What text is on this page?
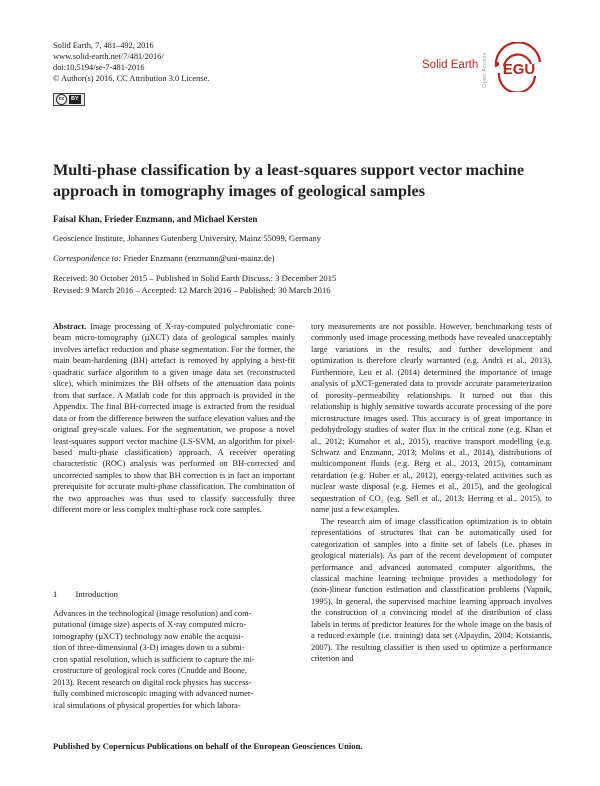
Solid Earth, 7, 481–492, 2016
www.solid-earth.net/7/481/2016/
doi:10.5194/se-7-481-2016
© Author(s) 2016. CC Attribution 3.0 License.
cc	BY
Solid Earth Open Access EGU
Multi-phase classification by a least-squares support vector machine approach in tomography images of geological samples
Faisal Khan, Frieder Enzmann, and Michael Kersten
Geoscience Institute, Johannes Gutenberg University, Mainz 55099, Germany
Correspondence to: Frieder Enzmann (enzmann@uni-mainz.de)
Received: 30 October 2015 – Published in Solid Earth Discuss.: 3 December 2015
Revised: 9 March 2016 – Accepted: 12 March 2016 – Published: 30 March 2016

Abstract. Image processing of X-ray-computed polychromatic cone-beam micro-tomography (µXCT) data of geological samples mainly involves artefact reduction and phase segmentation. For the former, the main beam-hardening (BH) artefact is removed by applying a best-fit quadratic surface algorithm to a given image data set (reconstructed slice), which minimizes the BH offsets of the attenuation data points from that surface. A Matlab code for this approach is provided in the Appendix. The final BH-corrected image is extracted from the residual data or from the difference between the surface elevation values and the original grey-scale values. For the segmentation, we propose a novel least-squares support vector machine (LS-SVM, an algorithm for pixel-based multi-phase classification) approach. A receiver operating characteristic (ROC) analysis was performed on BH-corrected and uncorrected samples to show that BH correction is in fact an important prerequisite for accurate multi-phase classification. The combination of the two approaches was thus used to classify successfully three different more or less complex multi-phase rock core samples.

1 Introduction
Advances in the technological (image resolution) and com-
putational (image size) aspects of X-ray computed micro-
tomography (µXCT) technology now enable the acquisi-
tion of three-dimensional (3-D) images down to a submi-
cron spatial resolution, which is sufficient to capture the mi-
crostructure of geological rock cores (Cnudde and Boone,
2013). Recent research on digital rock physics has success-
fully combined microscopic imaging with advanced numer-
ical simulations of physical properties for which labora-

tory measurements are not possible. However, benchmarking tests of commonly used image processing methods have revealed unacceptably large variations in the results, and further development and optimization is therefore clearly warranted (e.g. Andrä et al., 2013). Furthermore, Leu et al. (2014) determined the importance of image analysis of µXCT-generated data to provide accurate parameterization of porosity–permeability relationships. It turned out that this relationship is highly sensitive towards accurate processing of the pore microstructure images used. This accuracy is of great importance in pedohydrology studies of water flux in the critical zone (e.g. Khan et al., 2012; Kumahor et al., 2015), reactive transport modelling (e.g. Schwarz and Enzmann, 2013; Molins et al., 2014), distributions of multicomponent fluids (e.g. Berg et al., 2013, 2015), contaminant retardation (e.g. Huber et al., 2012), energy-related activities such as nuclear waste disposal (e.g. Hemes et al., 2015), and the geological sequestration of CO₂ (e.g. Sell et al., 2013; Herring et al., 2015), to name just a few examples.

The research aim of image classification optimization is to obtain representations of structures that can be automatically used for categorization of samples into a finite set of labels (i.e. phases in geological materials). As part of the recent development of computer performance and advanced automated computer algorithms, the classical machine learning technique provides a methodology for (non-)linear function estimation and classification problems (Vapnik, 1995). In general, the supervised machine learning approach involves the construction of a convincing model of the distribution of class labels in terms of predictor features for the whole image on the basis of a reduced example (i.e. training) data set (Alpaydin, 2004; Kotsiantis, 2007). The resulting classifier is then used to optimize a performance criterion and

Published by Copernicus Publications on behalf of the European Geosciences Union.
